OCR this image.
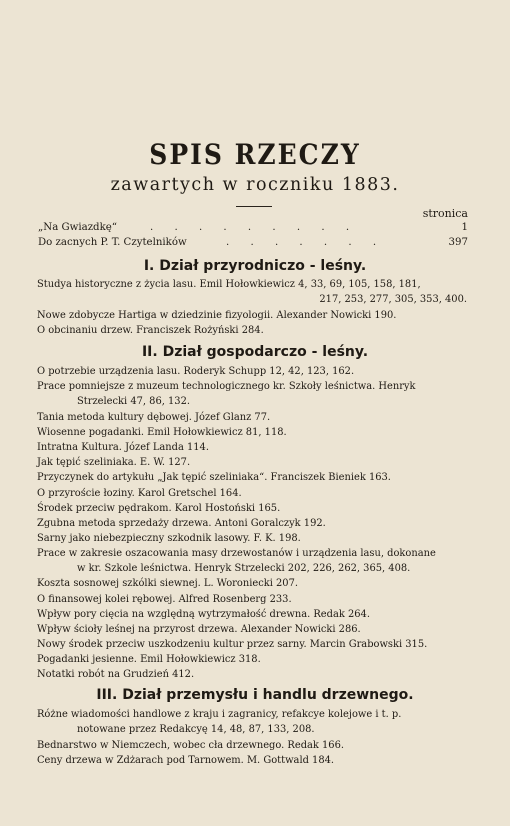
SPIS RZECZY
zawartych w roczniku 1883.
stronica
„Na Gwiazdkę“	. . . . . . . . .	1
Do zacnych P. T. Czytelników	. . . . . . .	397
I. Dział przyrodniczo - leśny.
Studya historyczne z życia lasu. Emil Hołowkiewicz 4, 33, 69, 105, 158, 181,
217, 253, 277, 305, 353, 400.
Nowe zdobycze Hartiga w dziedzinie fizyologii. Alexander Nowicki 190.
O obcinaniu drzew. Franciszek Rożyński 284.
II. Dział gospodarczo - leśny.
O potrzebie urządzenia lasu. Roderyk Schupp 12, 42, 123, 162.
Prace pomniejsze z muzeum technologicznego kr. Szkoły leśnictwa. Henryk
Strzelecki 47, 86, 132.
Tania metoda kultury dębowej. Józef Glanz 77.
Wiosenne pogadanki. Emil Hołowkiewicz 81, 118.
Intratna Kultura. Józef Landa 114.
Jak tępić szeliniaka. E. W. 127.
Przyczynek do artykułu „Jak tępić szeliniaka“. Franciszek Bieniek 163.
O przyroście łoziny. Karol Gretschel 164.
Środek przeciw pędrakom. Karol Hostoński 165.
Zgubna metoda sprzedaży drzewa. Antoni Goralczyk 192.
Sarny jako niebezpieczny szkodnik lasowy. F. K. 198.
Prace w zakresie oszacowania masy drzewostanów i urządzenia lasu, dokonane
w kr. Szkole leśnictwa. Henryk Strzelecki 202, 226, 262, 365, 408.
Koszta sosnowej szkólki siewnej. L. Woroniecki 207.
O finansowej kolei rębowej. Alfred Rosenberg 233.
Wpływ pory cięcia na względną wytrzymałość drewna. Redak 264.
Wpływ ścioły leśnej na przyrost drzewa. Alexander Nowicki 286.
Nowy środek przeciw uszkodzeniu kultur przez sarny. Marcin Grabowski 315.
Pogadanki jesienne. Emil Hołowkiewicz 318.
Notatki robót na Grudzień 412.
III. Dział przemysłu i handlu drzewnego.
Różne wiadomości handlowe z kraju i zagranicy, refakcye kolejowe i t. p.
notowane przez Redakcyę 14, 48, 87, 133, 208.
Bednarstwo w Niemczech, wobec cła drzewnego. Redak 166.
Ceny drzewa w Zdżarach pod Tarnowem. M. Gottwald 184.
